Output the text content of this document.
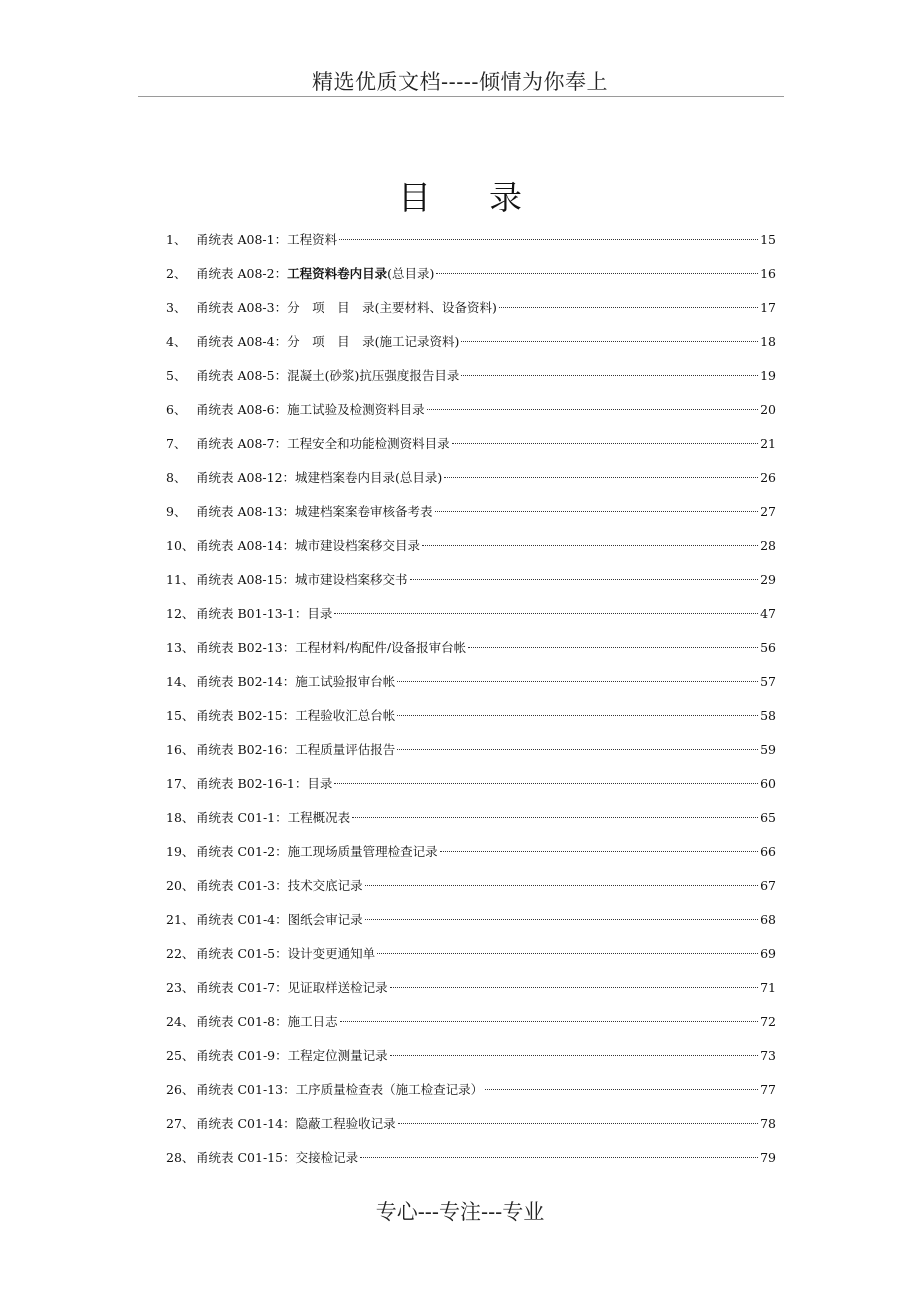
精选优质文档-----倾情为你奉上
目录
1、 甬统表 A08-1：工程资料	15
2、 甬统表 A08-2：工程资料卷内目录(总目录)	16
3、 甬统表 A08-3：分　项　目　录(主要材料、设备资料)	17
4、 甬统表 A08-4：分　项　目　录(施工记录资料)	18
5、 甬统表 A08-5：混凝土(砂浆)抗压强度报告目录	19
6、 甬统表 A08-6：施工试验及检测资料目录	20
7、 甬统表 A08-7：工程安全和功能检测资料目录	21
8、 甬统表 A08-12：城建档案卷内目录(总目录)	26
9、 甬统表 A08-13：城建档案案卷审核备考表	27
10、 甬统表 A08-14：城市建设档案移交目录	28
11、 甬统表 A08-15：城市建设档案移交书	29
12、 甬统表 B01-13-1：目录	47
13、 甬统表 B02-13：工程材料/构配件/设备报审台帐	56
14、 甬统表 B02-14：施工试验报审台帐	57
15、 甬统表 B02-15：工程验收汇总台帐	58
16、 甬统表 B02-16：工程质量评估报告	59
17、 甬统表 B02-16-1：目录	60
18、 甬统表 C01-1：工程概况表	65
19、 甬统表 C01-2：施工现场质量管理检查记录	66
20、 甬统表 C01-3：技术交底记录	67
21、 甬统表 C01-4：图纸会审记录	68
22、 甬统表 C01-5：设计变更通知单	69
23、 甬统表 C01-7：见证取样送检记录	71
24、 甬统表 C01-8：施工日志	72
25、 甬统表 C01-9：工程定位测量记录	73
26、 甬统表 C01-13：工序质量检查表（施工检查记录）	77
27、 甬统表 C01-14：隐蔽工程验收记录	78
28、 甬统表 C01-15：交接检记录	79
专心---专注---专业
